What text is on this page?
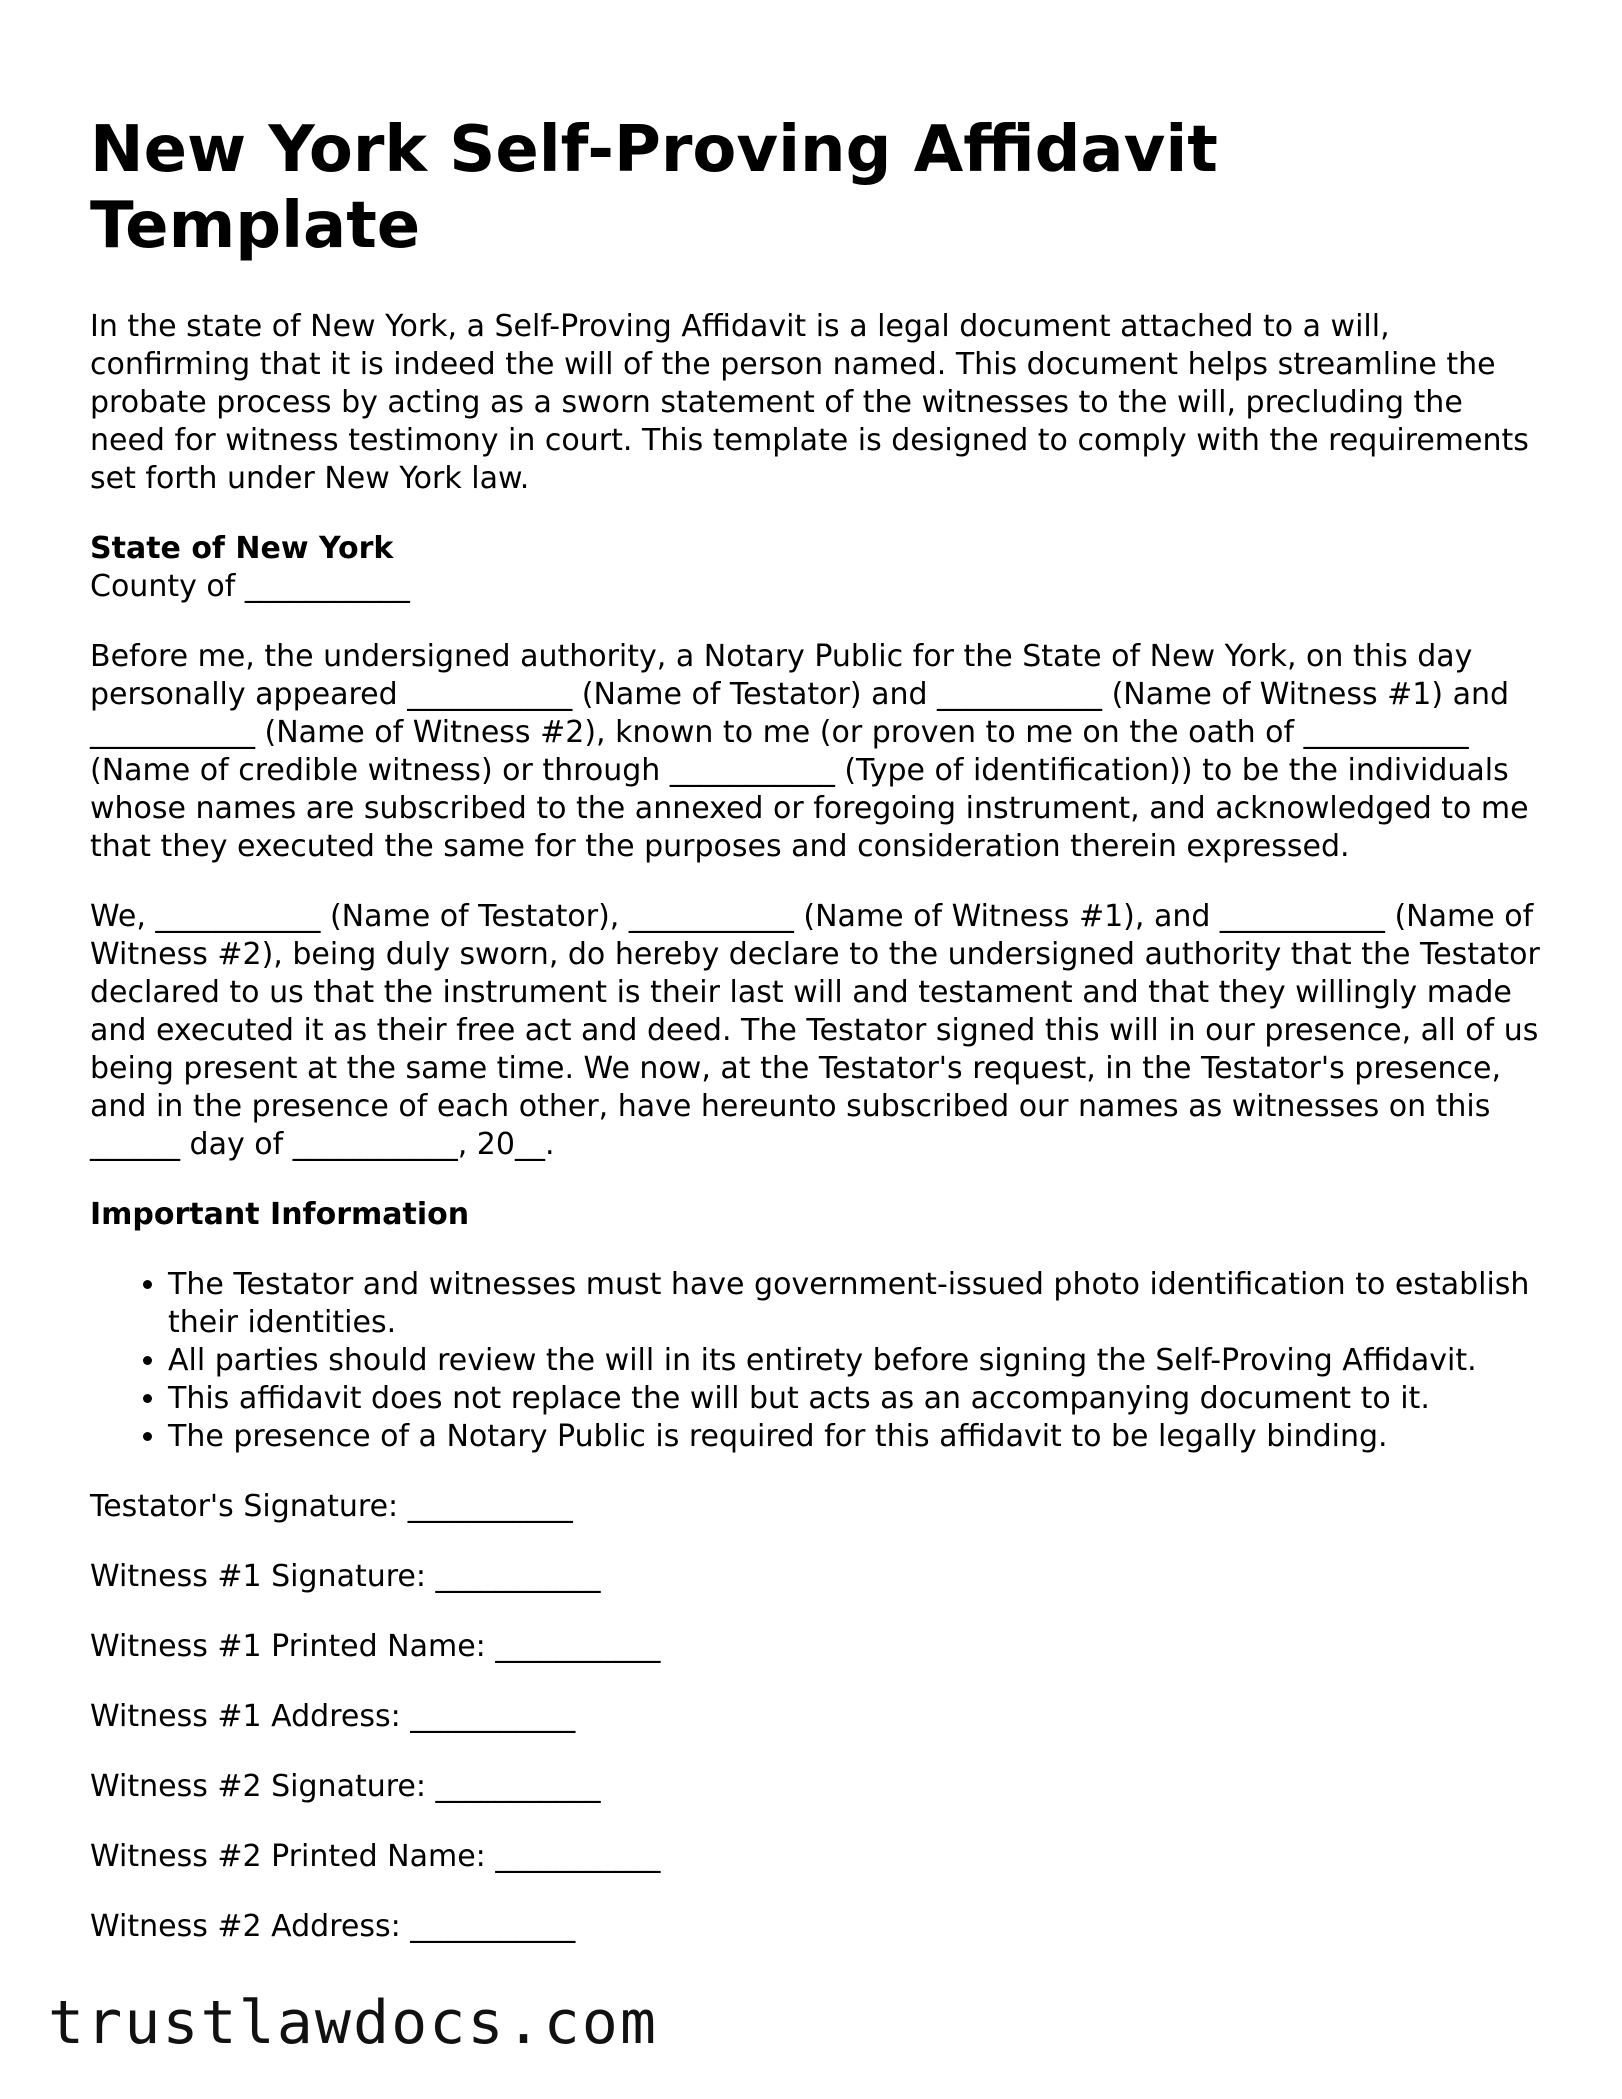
New York Self-Proving Affidavit Template

In the state of New York, a Self-Proving Affidavit is a legal document attached to a will, confirming that it is indeed the will of the person named. This document helps streamline the probate process by acting as a sworn statement of the witnesses to the will, precluding the need for witness testimony in court. This template is designed to comply with the requirements set forth under New York law.

State of New York
County of ___________

Before me, the undersigned authority, a Notary Public for the State of New York, on this day personally appeared ___________ (Name of Testator) and ___________ (Name of Witness #1) and ___________ (Name of Witness #2), known to me (or proven to me on the oath of ___________ (Name of credible witness) or through ___________ (Type of identification)) to be the individuals whose names are subscribed to the annexed or foregoing instrument, and acknowledged to me that they executed the same for the purposes and consideration therein expressed.

We, ___________ (Name of Testator), ___________ (Name of Witness #1), and ___________ (Name of Witness #2), being duly sworn, do hereby declare to the undersigned authority that the Testator declared to us that the instrument is their last will and testament and that they willingly made and executed it as their free act and deed. The Testator signed this will in our presence, all of us being present at the same time. We now, at the Testator's request, in the Testator's presence, and in the presence of each other, have hereunto subscribed our names as witnesses on this ______ day of ___________, 20__.

Important Information
• The Testator and witnesses must have government-issued photo identification to establish their identities.
• All parties should review the will in its entirety before signing the Self-Proving Affidavit.
• This affidavit does not replace the will but acts as an accompanying document to it.
• The presence of a Notary Public is required for this affidavit to be legally binding.
Testator's Signature: ___________
Witness #1 Signature: ___________
Witness #1 Printed Name: ___________
Witness #1 Address: ___________
Witness #2 Signature: ___________
Witness #2 Printed Name: ___________
Witness #2 Address: ___________
trustlawdocs.com
